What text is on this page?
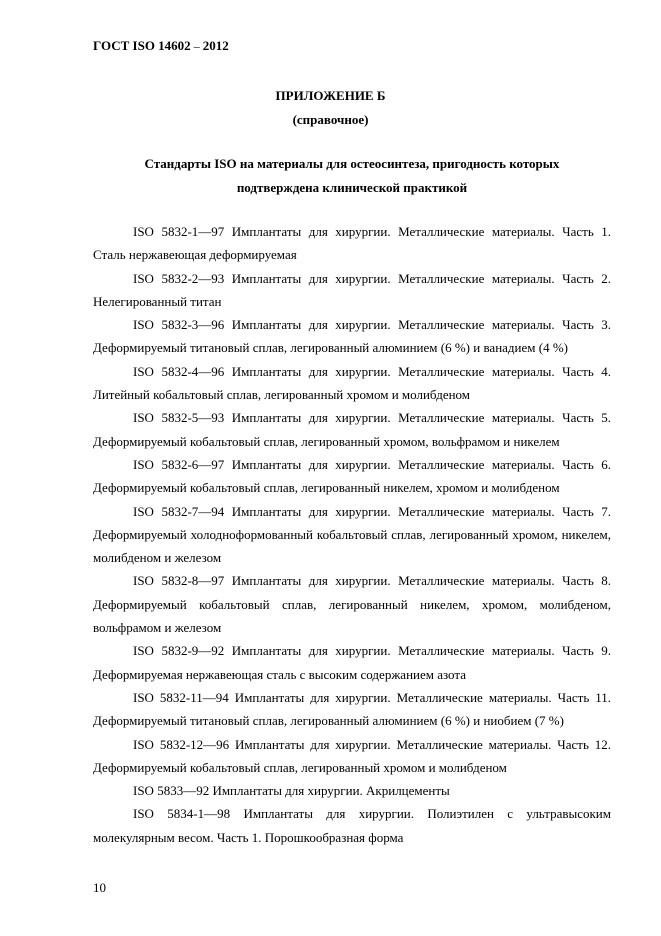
ГОСТ ISO 14602 – 2012
ПРИЛОЖЕНИЕ Б
(справочное)
Стандарты ISO на материалы для остеосинтеза, пригодность которых
подтверждена клинической практикой

ISO 5832-1—97 Имплантаты для хирургии. Металлические материалы. Часть 1. Сталь нержавеющая деформируемая

ISO 5832-2—93 Имплантаты для хирургии. Металлические материалы. Часть 2. Нелегированный титан

ISO 5832-3—96 Имплантаты для хирургии. Металлические материалы. Часть 3. Деформируемый титановый сплав, легированный алюминием (6 %) и ванадием (4 %)

ISO 5832-4—96 Имплантаты для хирургии. Металлические материалы. Часть 4. Литейный кобальтовый сплав, легированный хромом и молибденом

ISO 5832-5—93 Имплантаты для хирургии. Металлические материалы. Часть 5. Деформируемый кобальтовый сплав, легированный хромом, вольфрамом и никелем

ISO 5832-6—97 Имплантаты для хирургии. Металлические материалы. Часть 6. Деформируемый кобальтовый сплав, легированный никелем, хромом и молибденом

ISO 5832-7—94 Имплантаты для хирургии. Металлические материалы. Часть 7. Деформируемый холодноформованный кобальтовый сплав, легированный хромом, никелем, молибденом и железом

ISO 5832-8—97 Имплантаты для хирургии. Металлические материалы. Часть 8. Деформируемый кобальтовый сплав, легированный никелем, хромом, молибденом, вольфрамом и железом

ISO 5832-9—92 Имплантаты для хирургии. Металлические материалы. Часть 9. Деформируемая нержавеющая сталь с высоким содержанием азота

ISO 5832-11—94 Имплантаты для хирургии. Металлические материалы. Часть 11. Деформируемый титановый сплав, легированный алюминием (6 %) и ниобием (7 %)

ISO 5832-12—96 Имплантаты для хирургии. Металлические материалы. Часть 12. Деформируемый кобальтовый сплав, легированный хромом и молибденом

ISO 5833—92 Имплантаты для хирургии. Акрилцементы

ISO 5834-1—98 Имплантаты для хирургии. Полиэтилен с ультравысоким молекулярным весом. Часть 1. Порошкообразная форма

10
